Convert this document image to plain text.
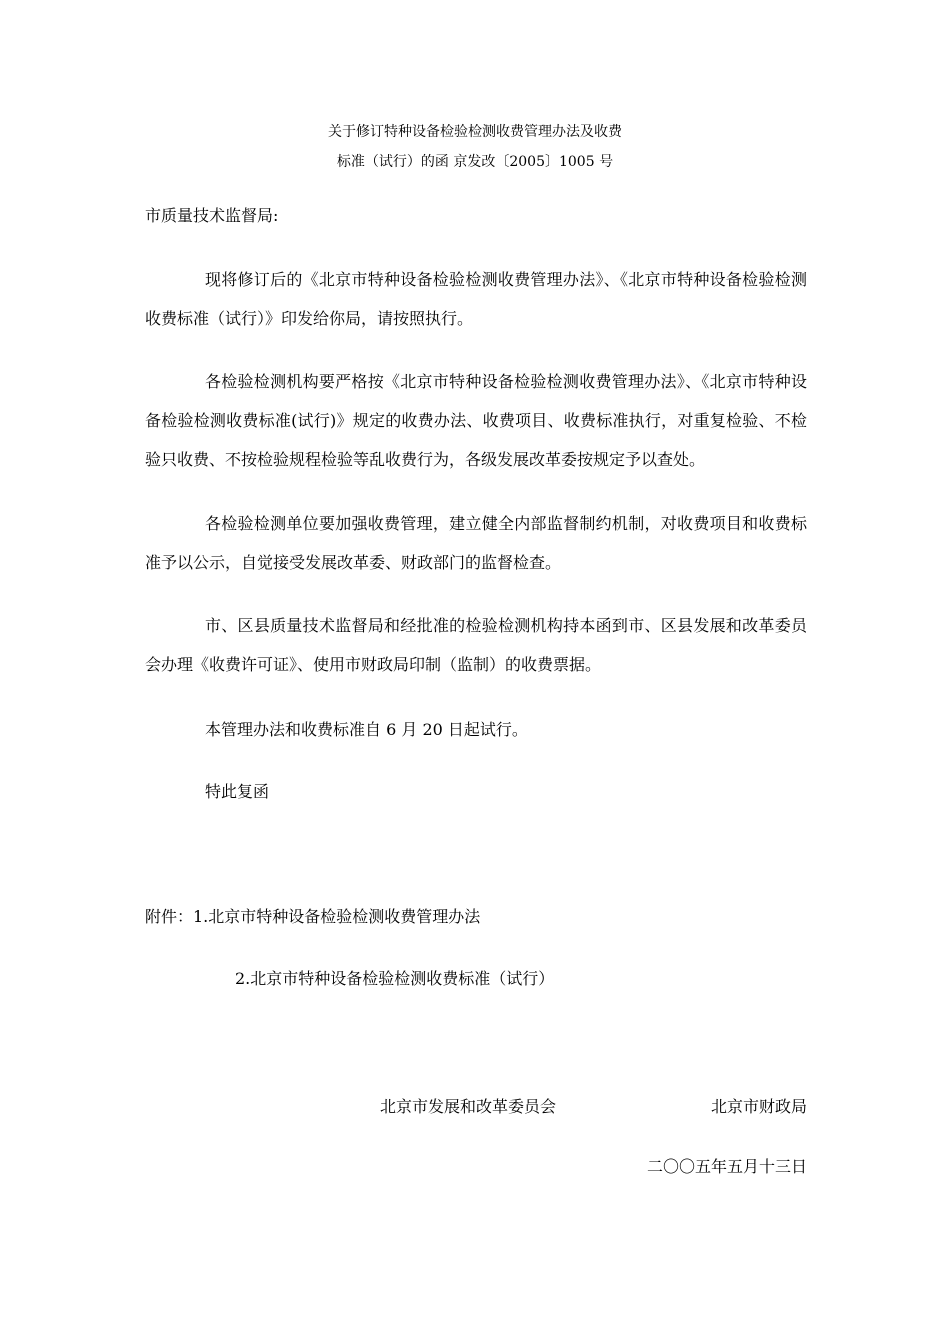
关于修订特种设备检验检测收费管理办法及收费
标准（试行）的函 京发改〔2005〕1005 号
市质量技术监督局:

现将修订后的《北京市特种设备检验检测收费管理办法》、《北京市特种设备检验检测收费标准（试行）》印发给你局，请按照执行。

各检验检测机构要严格按《北京市特种设备检验检测收费管理办法》、《北京市特种设备检验检测收费标准(试行)》规定的收费办法、收费项目、收费标准执行，对重复检验、不检验只收费、不按检验规程检验等乱收费行为，各级发展改革委按规定予以查处。

各检验检测单位要加强收费管理，建立健全内部监督制约机制，对收费项目和收费标准予以公示，自觉接受发展改革委、财政部门的监督检查。

市、区县质量技术监督局和经批准的检验检测机构持本函到市、区县发展和改革委员会办理《收费许可证》、使用市财政局印制（监制）的收费票据。

本管理办法和收费标准自 6 月 20 日起试行。

特此复函

附件：1.北京市特种设备检验检测收费管理办法
2.北京市特种设备检验检测收费标准（试行）
北京市发展和改革委员会	北京市财政局
二〇〇五年五月十三日
